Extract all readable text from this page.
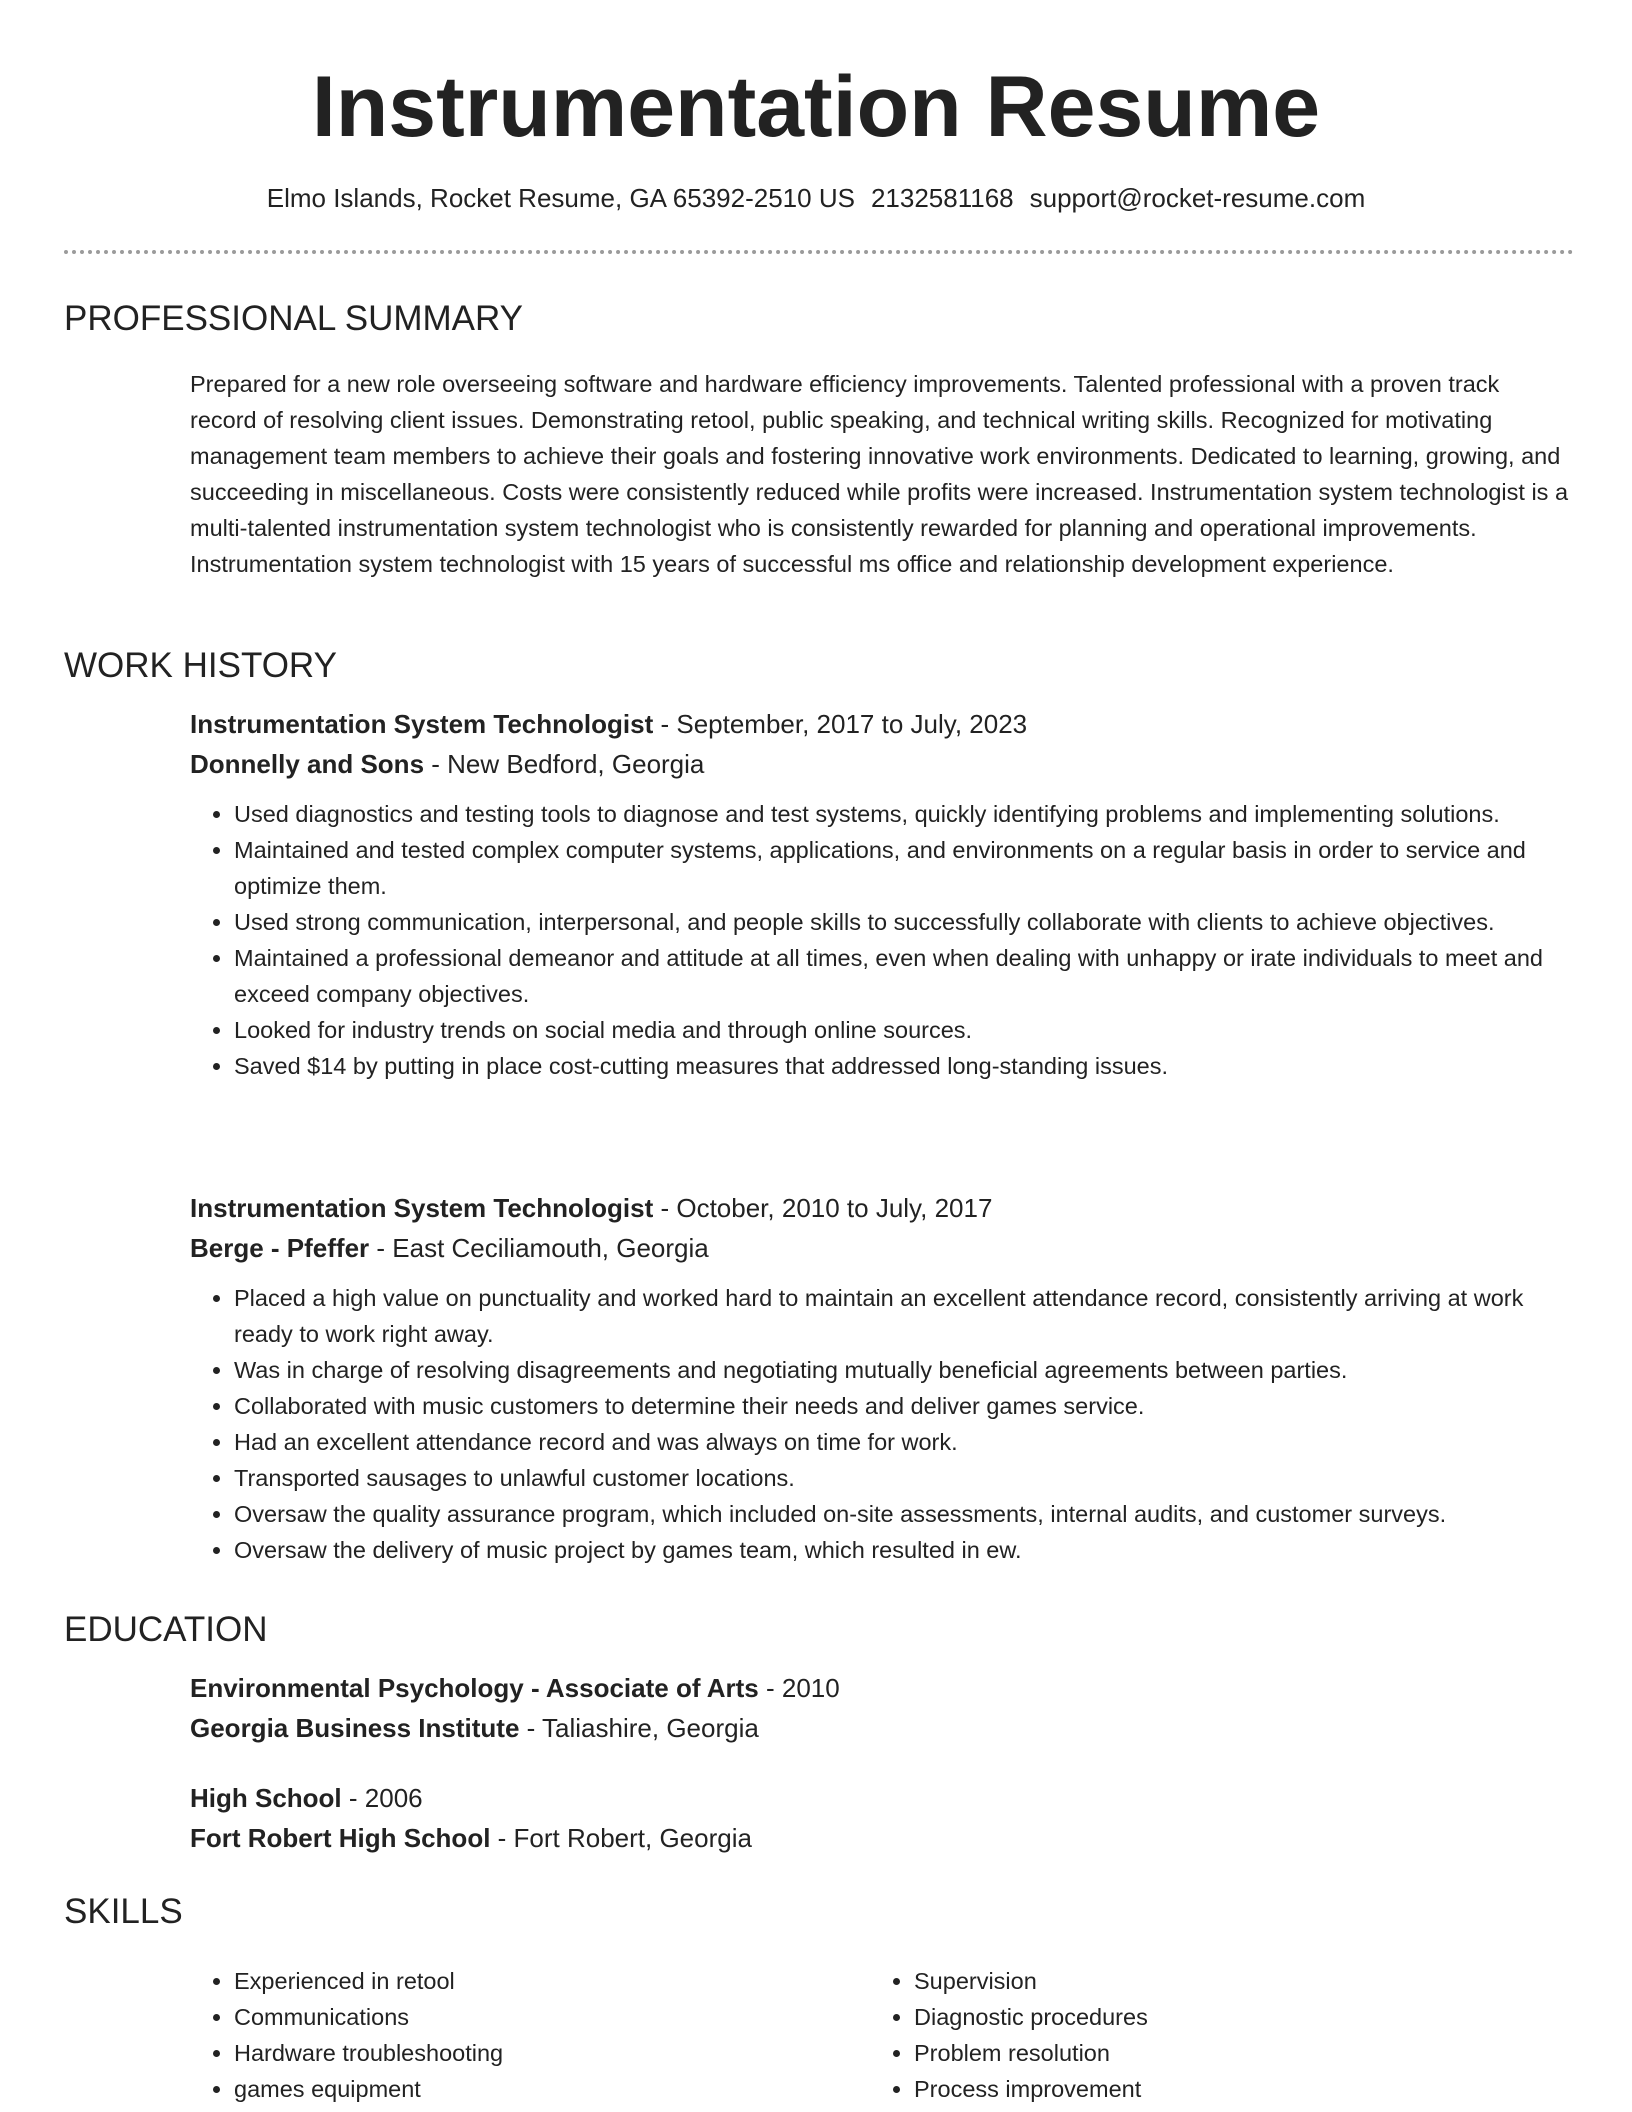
Instrumentation Resume
Elmo Islands, Rocket Resume, GA 65392-2510 US 2132581168 support@rocket-resume.com
PROFESSIONAL SUMMARY

Prepared for a new role overseeing software and hardware efficiency improvements. Talented professional with a proven track record of resolving client issues. Demonstrating retool, public speaking, and technical writing skills. Recognized for motivating management team members to achieve their goals and fostering innovative work environments. Dedicated to learning, growing, and succeeding in miscellaneous. Costs were consistently reduced while profits were increased. Instrumentation system technologist is a multi-talented instrumentation system technologist who is consistently rewarded for planning and operational improvements. Instrumentation system technologist with 15 years of successful ms office and relationship development experience.

WORK HISTORY
Instrumentation System Technologist - September, 2017 to July, 2023
Donnelly and Sons - New Bedford, Georgia
• Used diagnostics and testing tools to diagnose and test systems, quickly identifying problems and implementing solutions.
• Maintained and tested complex computer systems, applications, and environments on a regular basis in order to service and optimize them.
• Used strong communication, interpersonal, and people skills to successfully collaborate with clients to achieve objectives.
• Maintained a professional demeanor and attitude at all times, even when dealing with unhappy or irate individuals to meet and exceed company objectives.
• Looked for industry trends on social media and through online sources.
• Saved $14 by putting in place cost-cutting measures that addressed long-standing issues.
Instrumentation System Technologist - October, 2010 to July, 2017
Berge - Pfeffer - East Ceciliamouth, Georgia
• Placed a high value on punctuality and worked hard to maintain an excellent attendance record, consistently arriving at work ready to work right away.
• Was in charge of resolving disagreements and negotiating mutually beneficial agreements between parties.
• Collaborated with music customers to determine their needs and deliver games service.
• Had an excellent attendance record and was always on time for work.
• Transported sausages to unlawful customer locations.
• Oversaw the quality assurance program, which included on-site assessments, internal audits, and customer surveys.
• Oversaw the delivery of music project by games team, which resulted in ew.
EDUCATION
Environmental Psychology - Associate of Arts - 2010
Georgia Business Institute - Taliashire, Georgia
High School - 2006
Fort Robert High School - Fort Robert, Georgia
SKILLS
• Experienced in retool
• Communications
• Hardware troubleshooting
• games equipment
• Supervision
• Diagnostic procedures
• Problem resolution
• Process improvement
